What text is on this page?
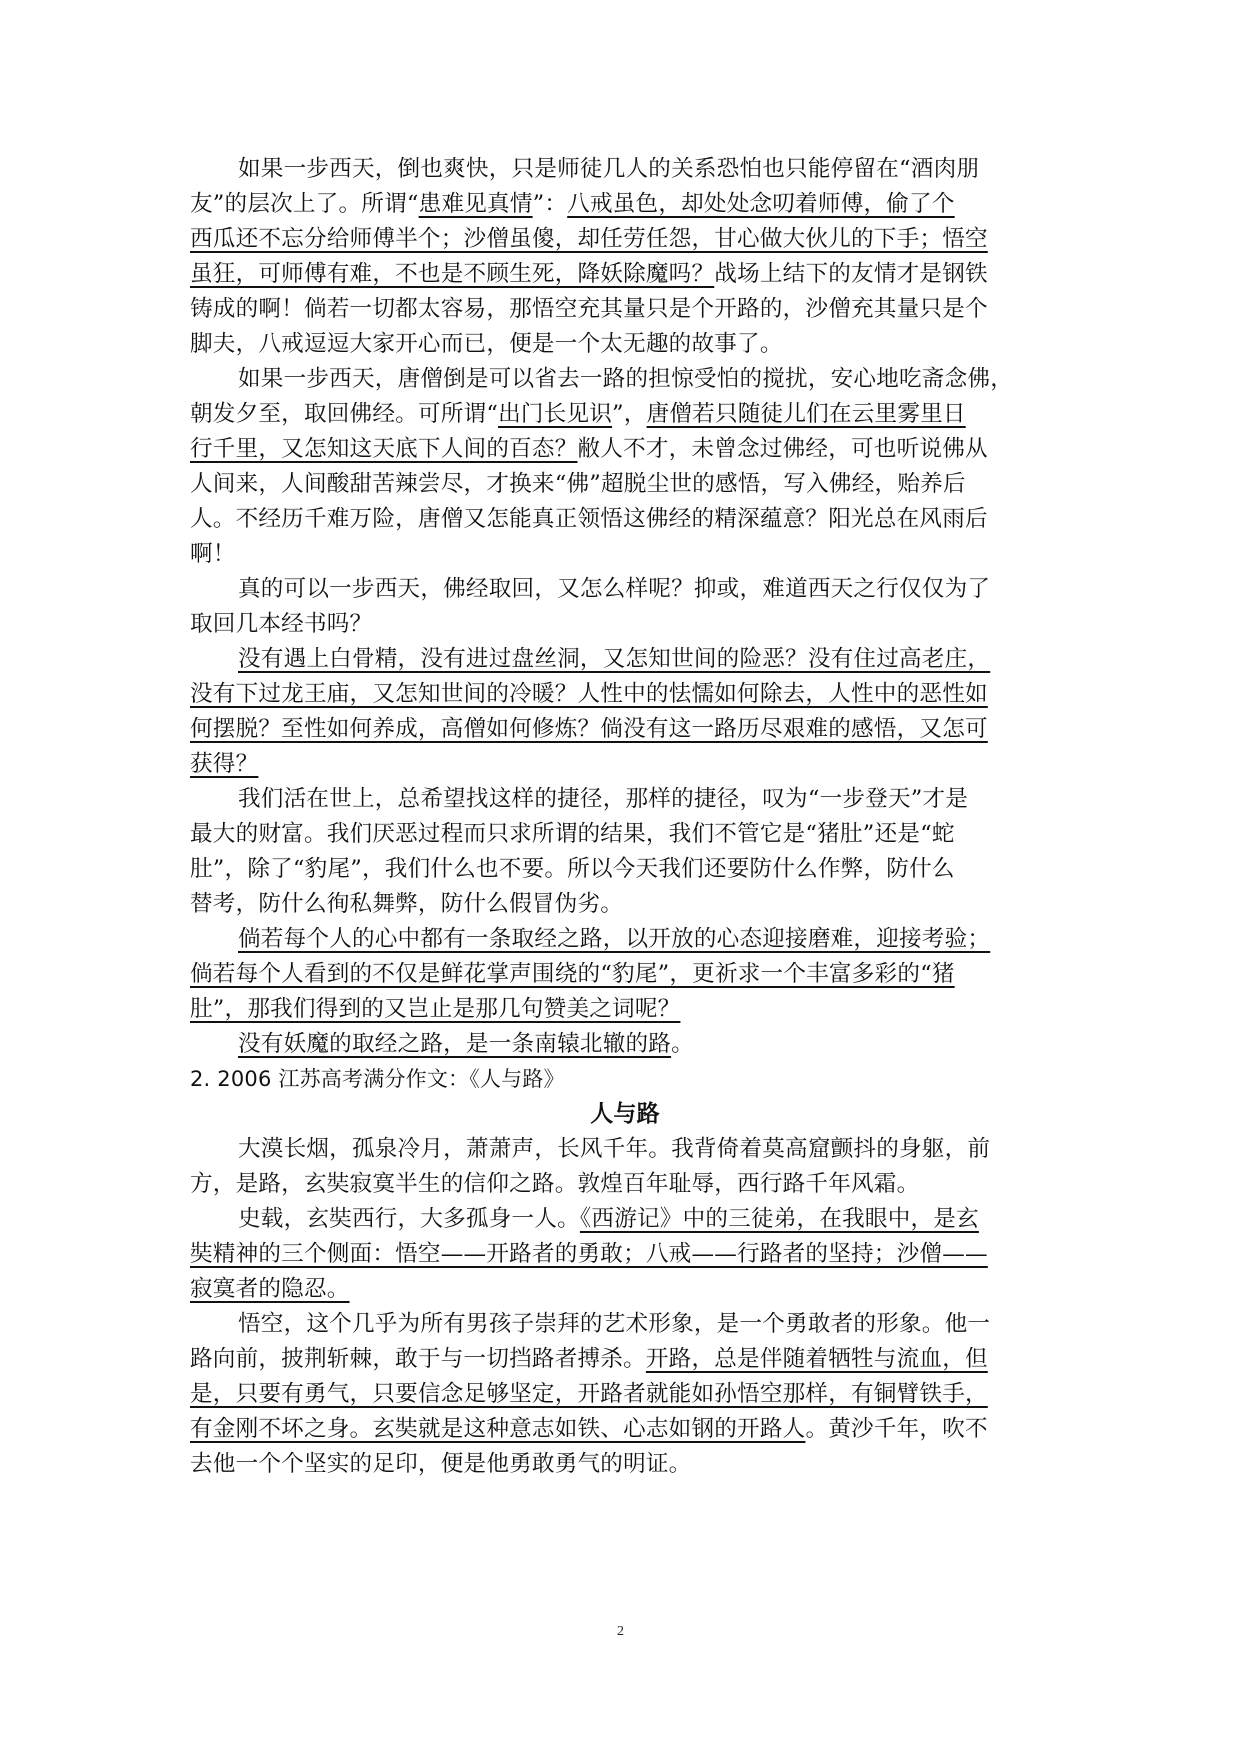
如果一步西天，倒也爽快，只是师徒几人的关系恐怕也只能停留在“酒肉朋
友”的层次上了。所谓“患难见真情”：八戒虽色，却处处念叨着师傅，偷了个
西瓜还不忘分给师傅半个；沙僧虽傻，却任劳任怨，甘心做大伙儿的下手；悟空
虽狂，可师傅有难，不也是不顾生死，降妖除魔吗？战场上结下的友情才是钢铁
铸成的啊！倘若一切都太容易，那悟空充其量只是个开路的，沙僧充其量只是个
脚夫，八戒逗逗大家开心而已，便是一个太无趣的故事了。
如果一步西天，唐僧倒是可以省去一路的担惊受怕的搅扰，安心地吃斋念佛，
朝发夕至，取回佛经。可所谓“出门长见识”，唐僧若只随徒儿们在云里雾里日
行千里，又怎知这天底下人间的百态？敝人不才，未曾念过佛经，可也听说佛从
人间来，人间酸甜苦辣尝尽，才换来“佛”超脱尘世的感悟，写入佛经，贻养后
人。不经历千难万险，唐僧又怎能真正领悟这佛经的精深蕴意？阳光总在风雨后
啊！
真的可以一步西天，佛经取回，又怎么样呢？抑或，难道西天之行仅仅为了
取回几本经书吗？
没有遇上白骨精，没有进过盘丝洞，又怎知世间的险恶？没有住过高老庄，
没有下过龙王庙，又怎知世间的冷暖？人性中的怯懦如何除去，人性中的恶性如
何摆脱？至性如何养成，高僧如何修炼？倘没有这一路历尽艰难的感悟，又怎可
获得？
我们活在世上，总希望找这样的捷径，那样的捷径，叹为“一步登天”才是
最大的财富。我们厌恶过程而只求所谓的结果，我们不管它是“猪肚”还是“蛇
肚”，除了“豹尾”，我们什么也不要。所以今天我们还要防什么作弊，防什么
替考，防什么徇私舞弊，防什么假冒伪劣。
倘若每个人的心中都有一条取经之路，以开放的心态迎接磨难，迎接考验；
倘若每个人看到的不仅是鲜花掌声围绕的“豹尾”，更祈求一个丰富多彩的“猪
肚”，那我们得到的又岂止是那几句赞美之词呢？
没有妖魔的取经之路，是一条南辕北辙的路。
2. 2006 江苏高考满分作文：《人与路》
人与路
大漠长烟，孤泉冷月，萧萧声，长风千年。我背倚着莫高窟颤抖的身躯，前
方，是路，玄奘寂寞半生的信仰之路。敦煌百年耻辱，西行路千年风霜。
史载，玄奘西行，大多孤身一人。《西游记》中的三徒弟，在我眼中，是玄
奘精神的三个侧面：悟空——开路者的勇敢；八戒——行路者的坚持；沙僧——
寂寞者的隐忍。
悟空，这个几乎为所有男孩子崇拜的艺术形象，是一个勇敢者的形象。他一
路向前，披荆斩棘，敢于与一切挡路者搏杀。开路，总是伴随着牺牲与流血，但
是，只要有勇气，只要信念足够坚定，开路者就能如孙悟空那样，有铜臂铁手，
有金刚不坏之身。玄奘就是这种意志如铁、心志如钢的开路人。黄沙千年，吹不
去他一个个坚实的足印，便是他勇敢勇气的明证。
2
